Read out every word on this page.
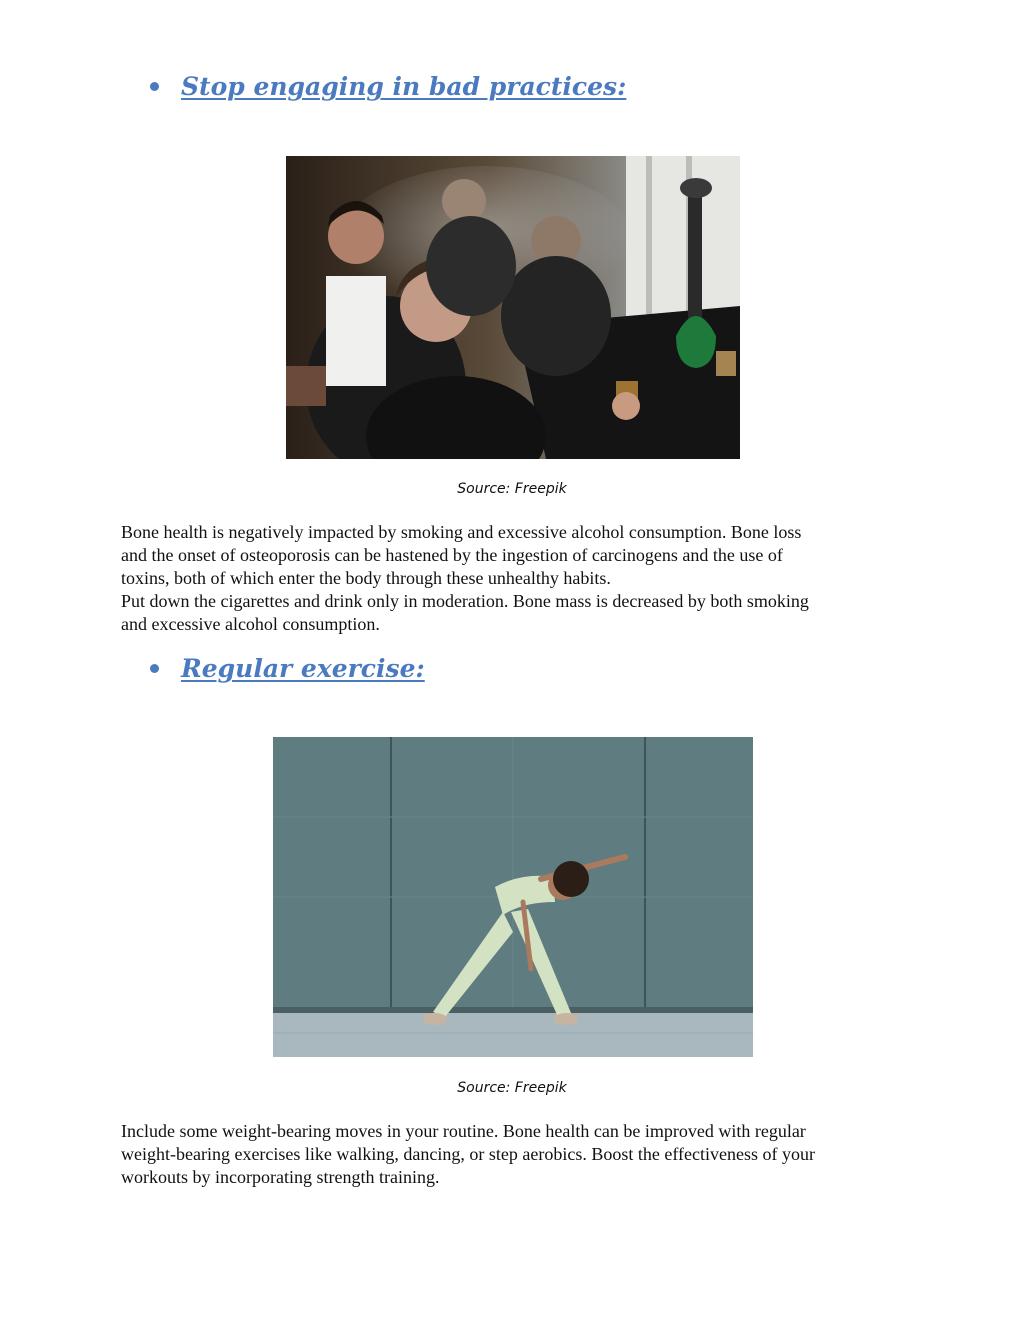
Stop engaging in bad practices:
Source: Freepik
Bone health is negatively impacted by smoking and excessive alcohol consumption. Bone loss
and the onset of osteoporosis can be hastened by the ingestion of carcinogens and the use of
toxins, both of which enter the body through these unhealthy habits.
Put down the cigarettes and drink only in moderation. Bone mass is decreased by both smoking
and excessive alcohol consumption.
Regular exercise:
Source: Freepik
Include some weight-bearing moves in your routine. Bone health can be improved with regular
weight-bearing exercises like walking, dancing, or step aerobics. Boost the effectiveness of your
workouts by incorporating strength training.
